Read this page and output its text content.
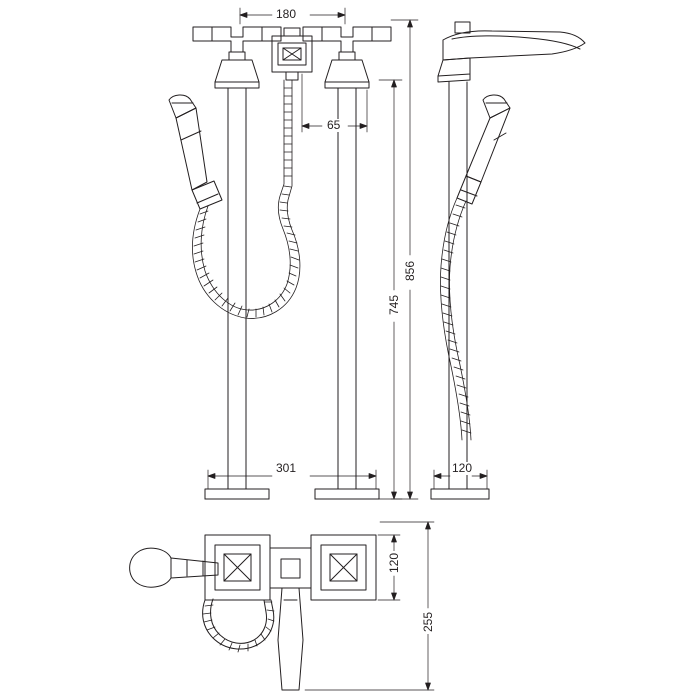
180
65
856
745
301	120
120
255
